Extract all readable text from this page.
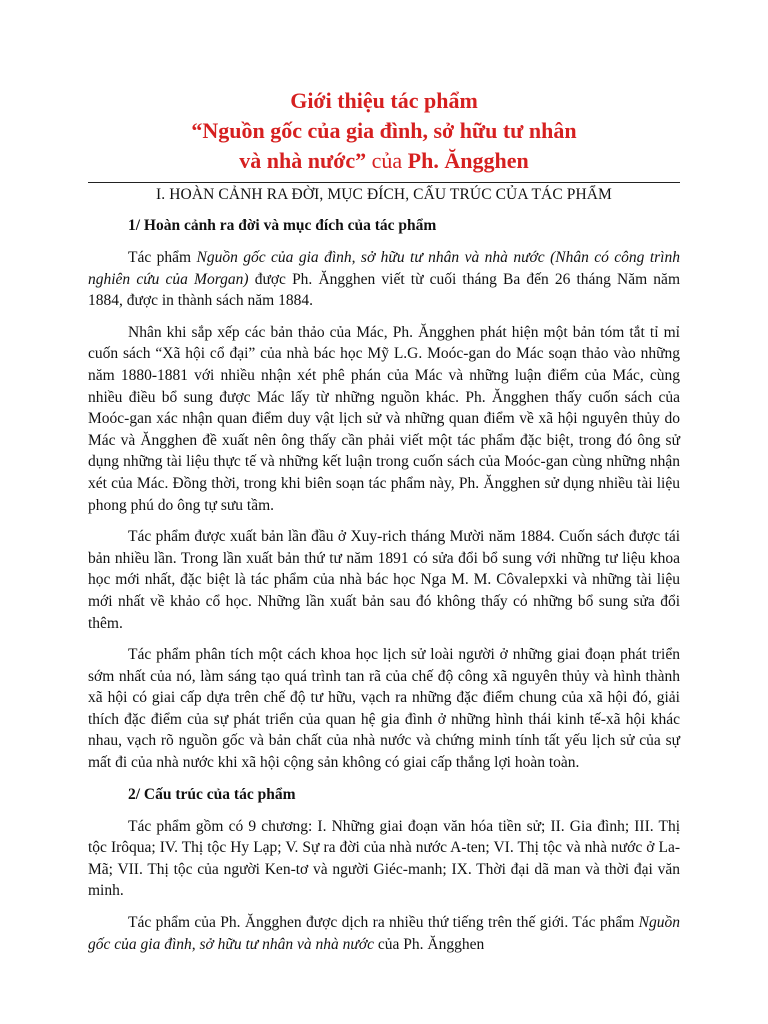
Giới thiệu tác phẩm
“Nguồn gốc của gia đình, sở hữu tư nhân
và nhà nước” của Ph. Ăngghen
I. HOÀN CẢNH RA ĐỜI, MỤC ĐÍCH, CẤU TRÚC CỦA TÁC PHẨM
1/ Hoàn cảnh ra đời và mục đích của tác phẩm

Tác phẩm Nguồn gốc của gia đình, sở hữu tư nhân và nhà nước (Nhân có công trình nghiên cứu của Morgan) được Ph. Ăngghen viết từ cuối tháng Ba đến 26 tháng Năm năm 1884, được in thành sách năm 1884.

Nhân khi sắp xếp các bản thảo của Mác, Ph. Ăngghen phát hiện một bản tóm tắt tỉ mỉ cuốn sách “Xã hội cổ đại” của nhà bác học Mỹ L.G. Moóc-gan do Mác soạn thảo vào những năm 1880-1881 với nhiều nhận xét phê phán của Mác và những luận điểm của Mác, cùng nhiều điều bổ sung được Mác lấy từ những nguồn khác. Ph. Ăngghen thấy cuốn sách của Moóc-gan xác nhận quan điểm duy vật lịch sử và những quan điểm về xã hội nguyên thủy do Mác và Ăngghen đề xuất nên ông thấy cần phải viết một tác phẩm đặc biệt, trong đó ông sử dụng những tài liệu thực tế và những kết luận trong cuốn sách của Moóc-gan cùng những nhận xét của Mác. Đồng thời, trong khi biên soạn tác phẩm này, Ph. Ăngghen sử dụng nhiều tài liệu phong phú do ông tự sưu tầm.

Tác phẩm được xuất bản lần đầu ở Xuy-rich tháng Mười năm 1884. Cuốn sách được tái bản nhiều lần. Trong lần xuất bản thứ tư năm 1891 có sửa đổi bổ sung với những tư liệu khoa học mới nhất, đặc biệt là tác phẩm của nhà bác học Nga M. M. Côvalepxki và những tài liệu mới nhất về khảo cổ học. Những lần xuất bản sau đó không thấy có những bổ sung sửa đổi thêm.

Tác phẩm phân tích một cách khoa học lịch sử loài người ở những giai đoạn phát triển sớm nhất của nó, làm sáng tạo quá trình tan rã của chế độ công xã nguyên thủy và hình thành xã hội có giai cấp dựa trên chế độ tư hữu, vạch ra những đặc điểm chung của xã hội đó, giải thích đặc điểm của sự phát triển của quan hệ gia đình ở những hình thái kinh tế-xã hội khác nhau, vạch rõ nguồn gốc và bản chất của nhà nước và chứng minh tính tất yếu lịch sử của sự mất đi của nhà nước khi xã hội cộng sản không có giai cấp thắng lợi hoàn toàn.

2/ Cấu trúc của tác phẩm

Tác phẩm gồm có 9 chương: I. Những giai đoạn văn hóa tiền sử; II. Gia đình; III. Thị tộc Irôqua; IV. Thị tộc Hy Lạp; V. Sự ra đời của nhà nước A-ten; VI. Thị tộc và nhà nước ở La-Mã; VII. Thị tộc của người Ken-tơ và người Giéc-manh; IX. Thời đại dã man và thời đại văn minh.

Tác phẩm của Ph. Ăngghen được dịch ra nhiều thứ tiếng trên thế giới. Tác phẩm Nguồn gốc của gia đình, sở hữu tư nhân và nhà nước của Ph. Ăngghen
